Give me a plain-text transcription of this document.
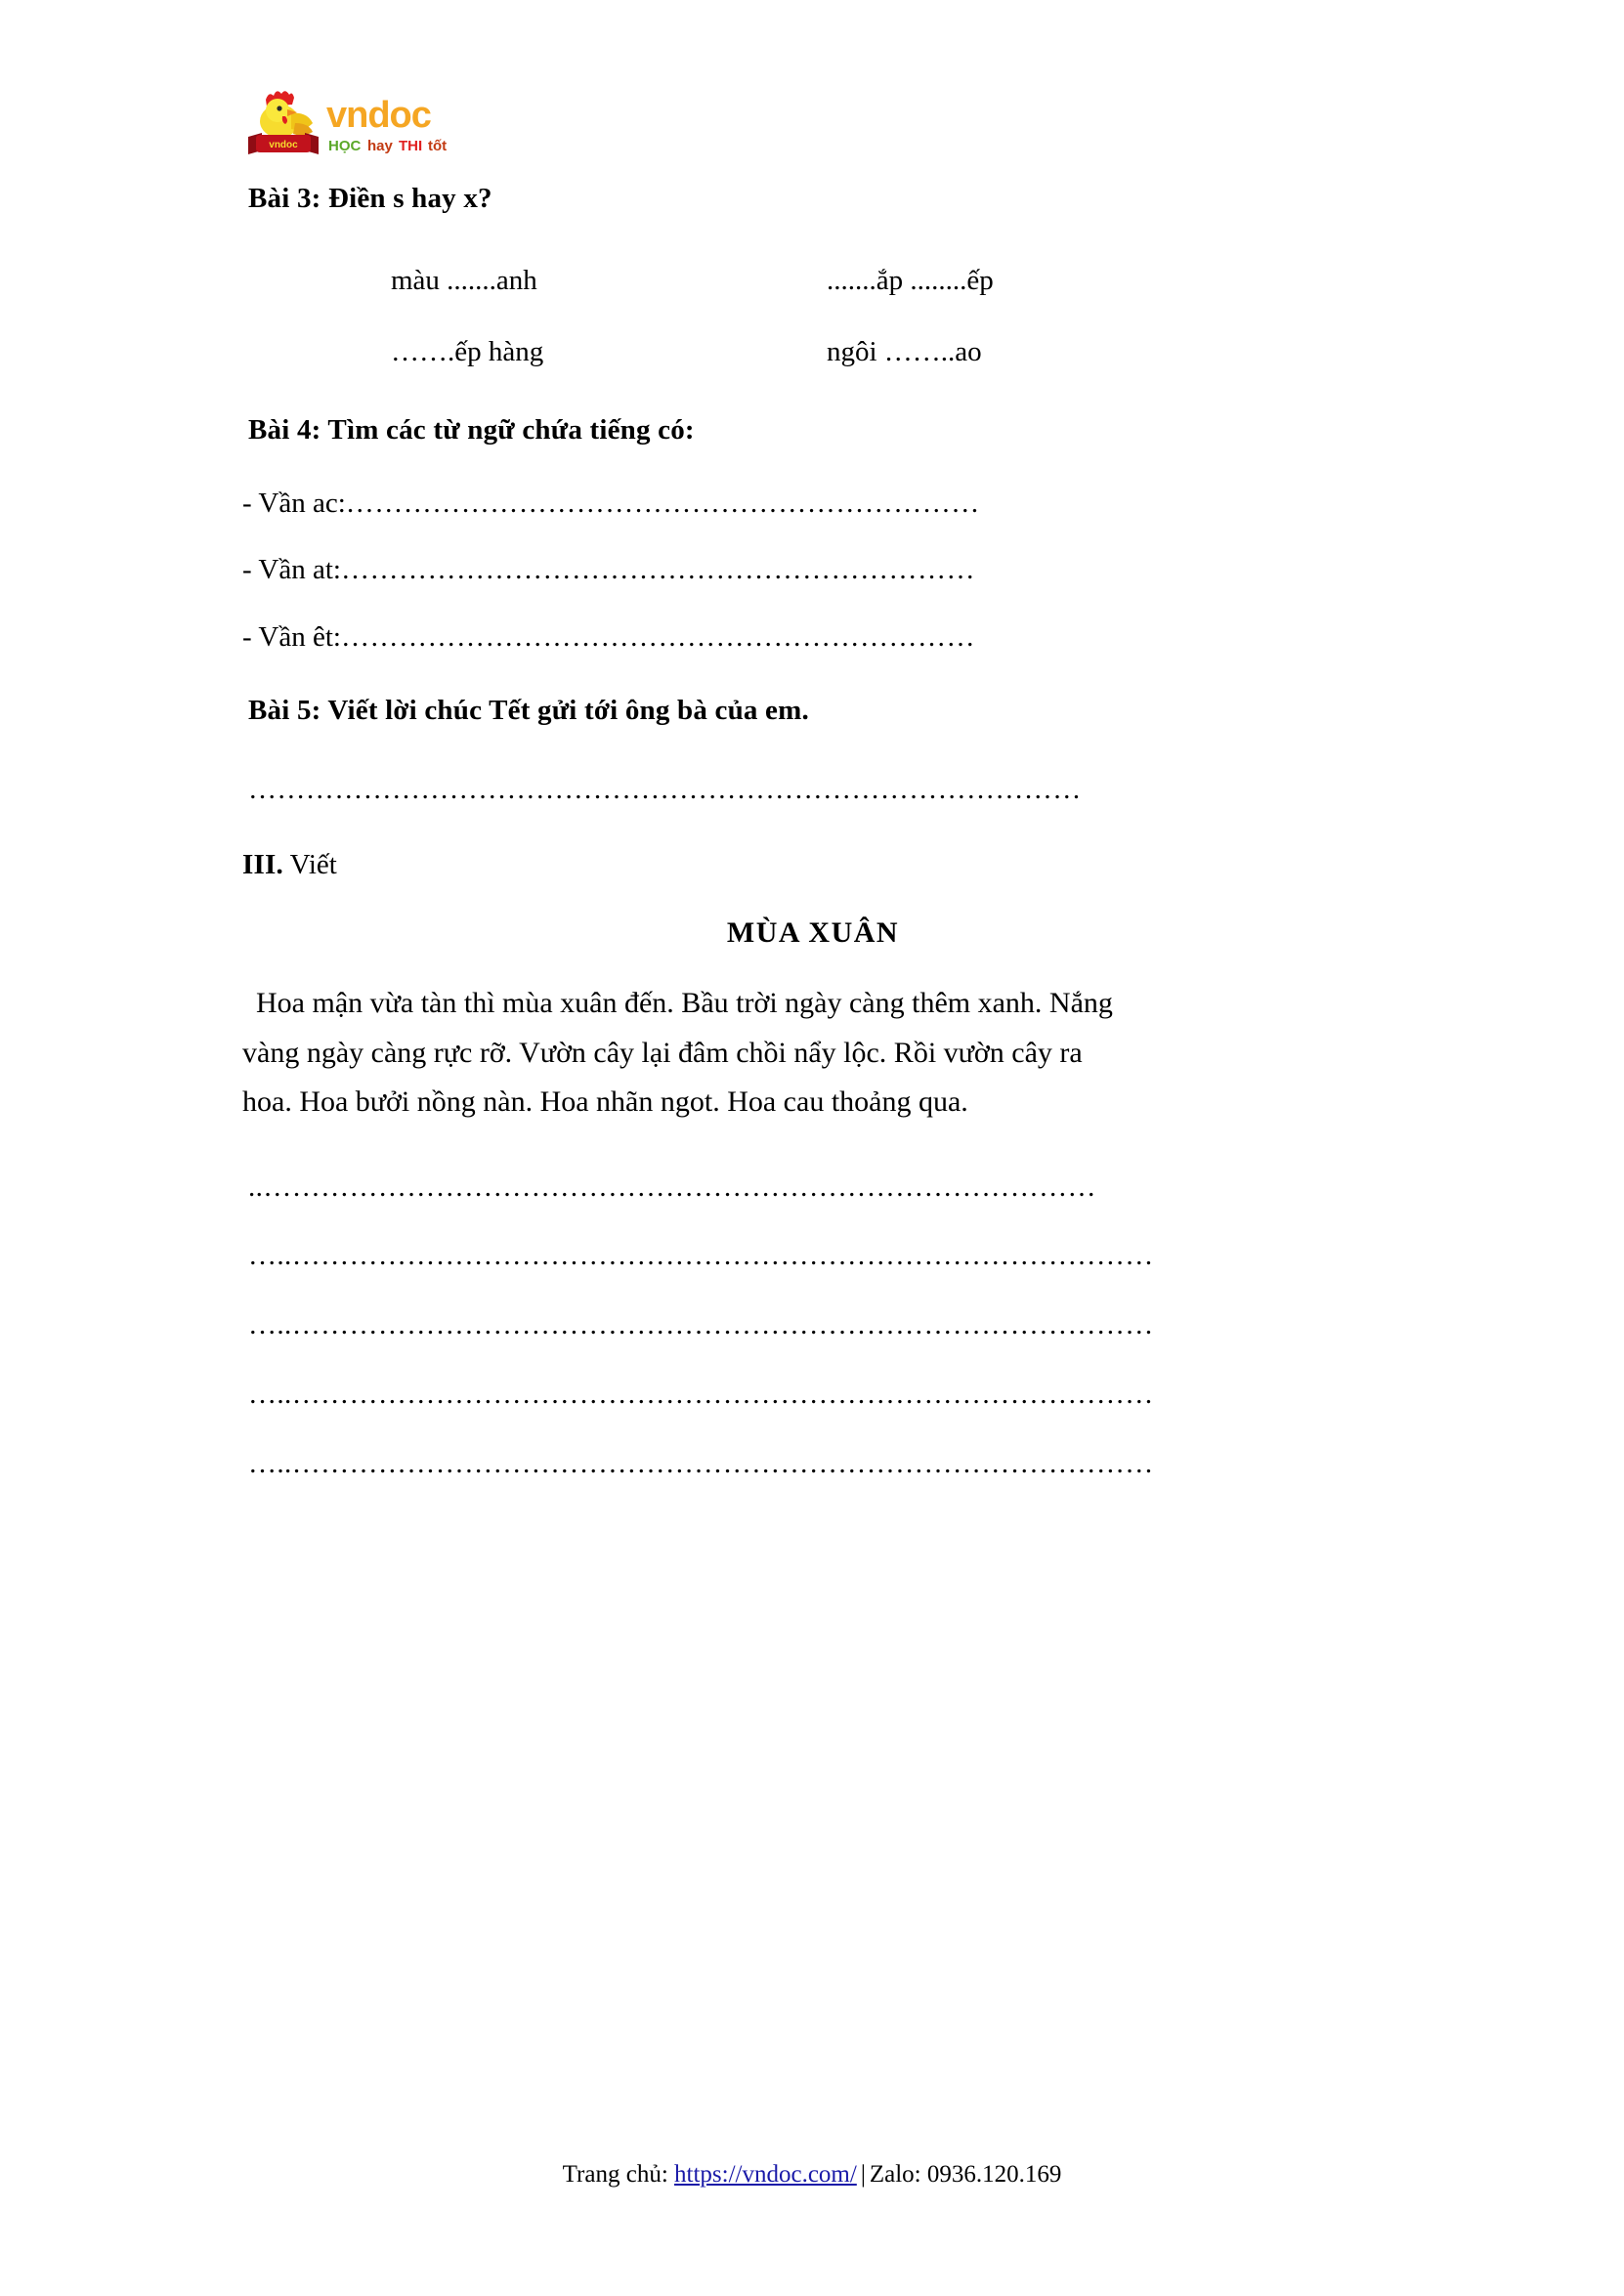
vndoc
vndoc
HỌC hay THI tốt
Bài 3: Điền s hay x?
màu .......anh	.......ắp ........ếp
…….ếp hàng	ngôi ……..ao
Bài 4: Tìm các từ ngữ chứa tiếng có:
- Vần ac:…………………………………………………………
- Vần at:…………………………………………………………
- Vần êt:…………………………………………………………
Bài 5: Viết lời chúc Tết gửi tới ông bà của em.
……………………………………………………………………………
III. Viết
MÙA XUÂN
Hoa mận vừa tàn thì mùa xuân đến. Bầu trời ngày càng thêm xanh. Nắng
vàng ngày càng rực rỡ. Vườn cây lại đâm chồi nẩy lộc. Rồi vườn cây ra
hoa. Hoa bưởi nồng nàn. Hoa nhãn ngot. Hoa cau thoảng qua.
..……………………………………………………………………………
…..………………………………………………………………………………
…..………………………………………………………………………………
…..………………………………………………………………………………
…..………………………………………………………………………………
Trang chủ: https://vndoc.com/ | Zalo: 0936.120.169
